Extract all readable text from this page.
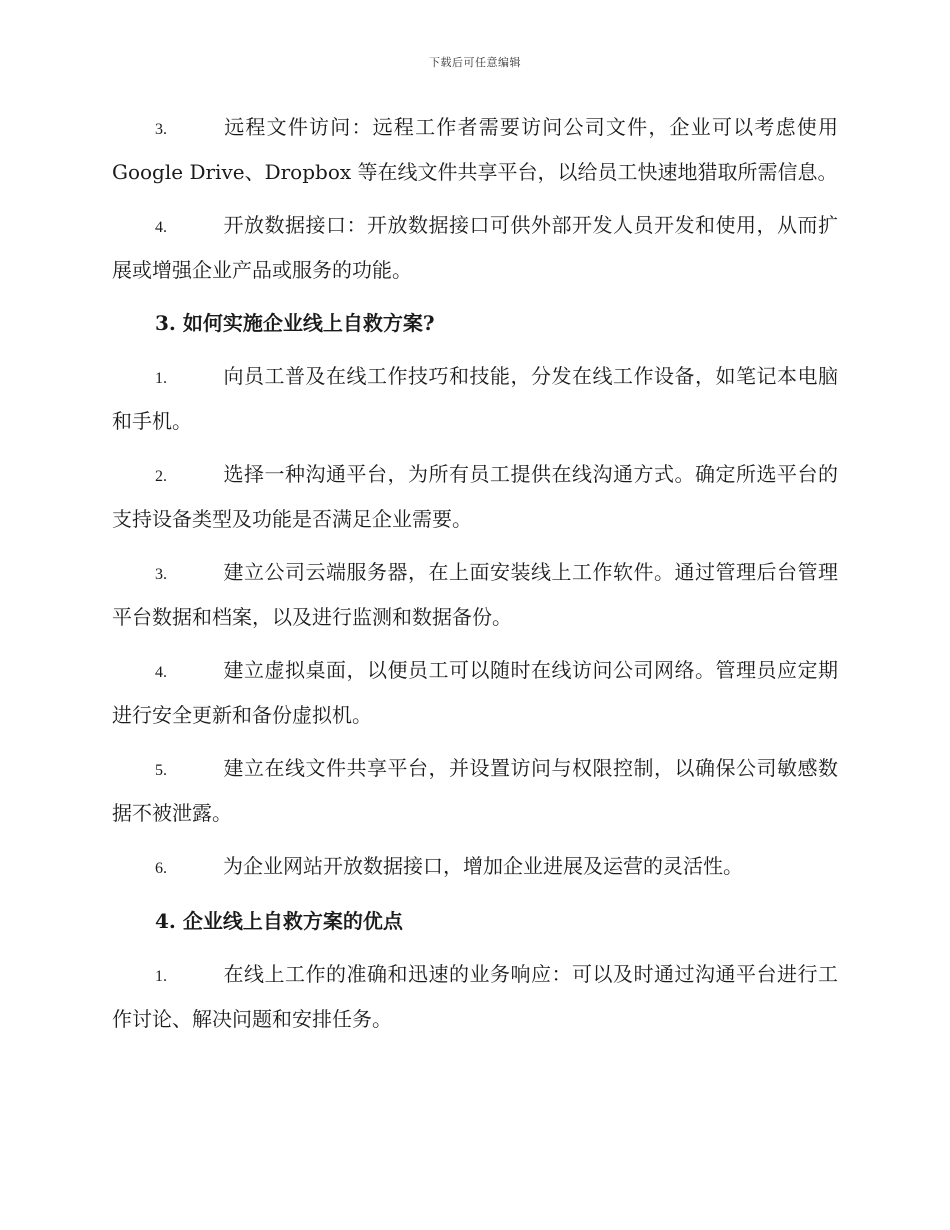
下载后可任意编辑

3.	远程文件访问：远程工作者需要访问公司文件，企业可以考虑使用 Google Drive、Dropbox 等在线文件共享平台，以给员工快速地猎取所需信息。

4.	开放数据接口：开放数据接口可供外部开发人员开发和使用，从而扩展或增强企业产品或服务的功能。

3. 如何实施企业线上自救方案?

1.	向员工普及在线工作技巧和技能，分发在线工作设备，如笔记本电脑和手机。

2.	选择一种沟通平台，为所有员工提供在线沟通方式。确定所选平台的支持设备类型及功能是否满足企业需要。

3.	建立公司云端服务器，在上面安装线上工作软件。通过管理后台管理平台数据和档案，以及进行监测和数据备份。

4.	建立虚拟桌面，以便员工可以随时在线访问公司网络。管理员应定期进行安全更新和备份虚拟机。

5.	建立在线文件共享平台，并设置访问与权限控制，以确保公司敏感数据不被泄露。

6.	为企业网站开放数据接口，增加企业进展及运营的灵活性。

4. 企业线上自救方案的优点

1.	在线上工作的准确和迅速的业务响应：可以及时通过沟通平台进行工作讨论、解决问题和安排任务。
